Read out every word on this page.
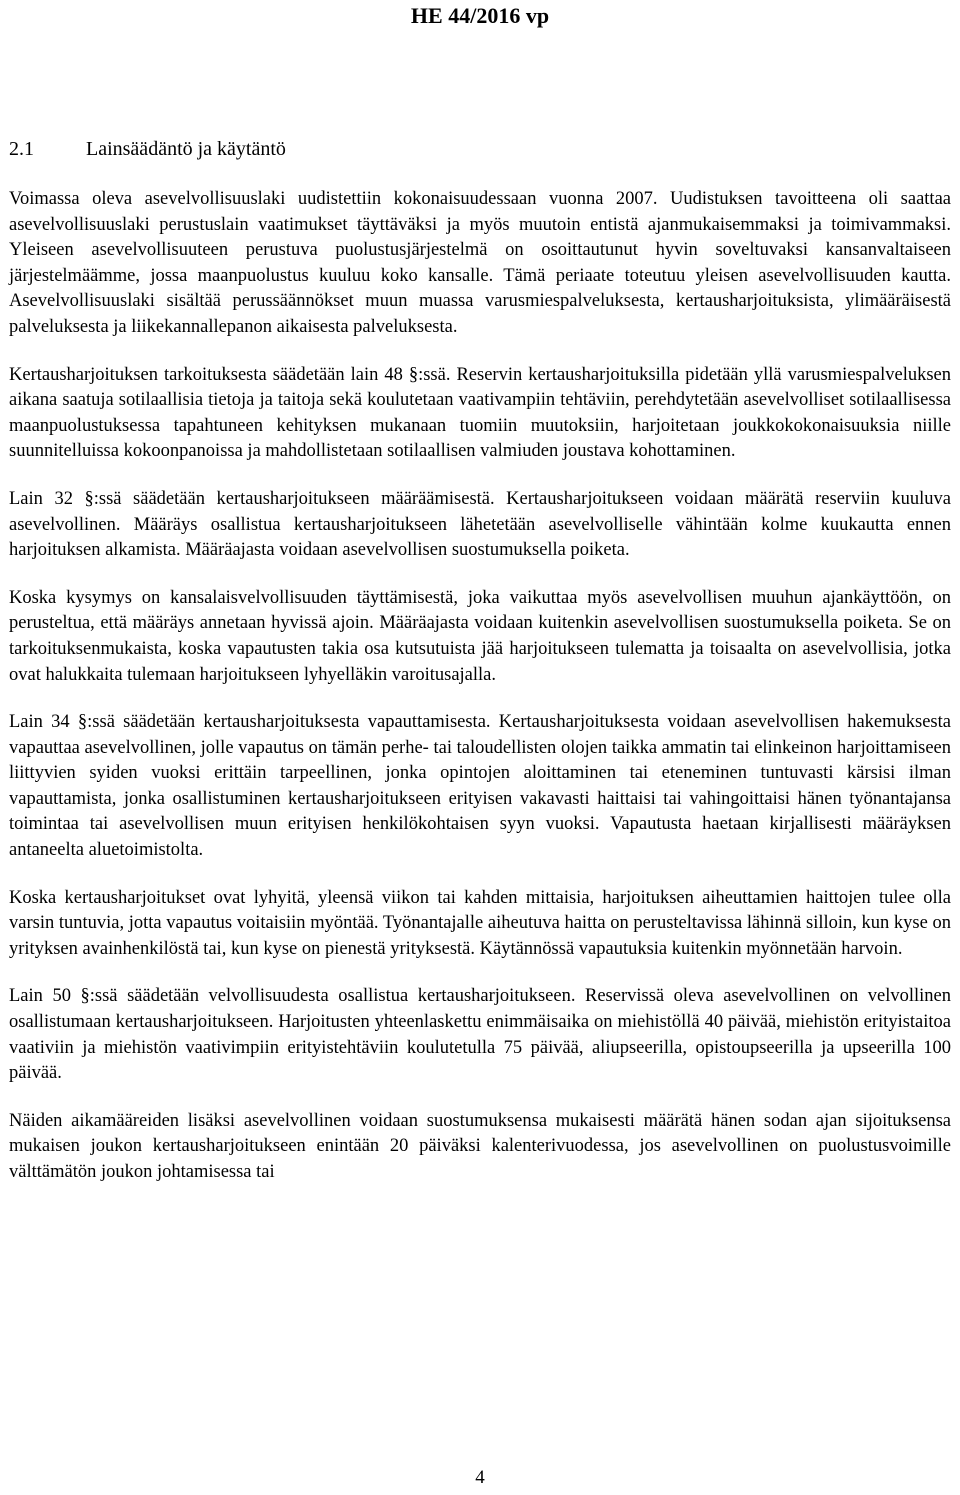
HE 44/2016 vp
2.1	Lainsäädäntö ja käytäntö

Voimassa oleva asevelvollisuuslaki uudistettiin kokonaisuudessaan vuonna 2007. Uudistuksen tavoitteena oli saattaa asevelvollisuuslaki perustuslain vaatimukset täyttäväksi ja myös muutoin entistä ajanmukaisemmaksi ja toimivammaksi. Yleiseen asevelvollisuuteen perustuva puolustusjärjestelmä on osoittautunut hyvin soveltuvaksi kansanvaltaiseen järjestelmäämme, jossa maanpuolustus kuuluu koko kansalle. Tämä periaate toteutuu yleisen asevelvollisuuden kautta. Asevelvollisuuslaki sisältää perussäännökset muun muassa varusmiespalveluksesta, kertausharjoituksista, ylimääräisestä palveluksesta ja liikekannallepanon aikaisesta palveluksesta.

Kertausharjoituksen tarkoituksesta säädetään lain 48 §:ssä. Reservin kertausharjoituksilla pidetään yllä varusmiespalveluksen aikana saatuja sotilaallisia tietoja ja taitoja sekä koulutetaan vaativampiin tehtäviin, perehdytetään asevelvolliset sotilaallisessa maanpuolustuksessa tapahtuneen kehityksen mukanaan tuomiin muutoksiin, harjoitetaan joukkokokonaisuuksia niille suunnitelluissa kokoonpanoissa ja mahdollistetaan sotilaallisen valmiuden joustava kohottaminen.

Lain 32 §:ssä säädetään kertausharjoitukseen määräämisestä. Kertausharjoitukseen voidaan määrätä reserviin kuuluva asevelvollinen. Määräys osallistua kertausharjoitukseen lähetetään asevelvolliselle vähintään kolme kuukautta ennen harjoituksen alkamista. Määräajasta voidaan asevelvollisen suostumuksella poiketa.

Koska kysymys on kansalaisvelvollisuuden täyttämisestä, joka vaikuttaa myös asevelvollisen muuhun ajankäyttöön, on perusteltua, että määräys annetaan hyvissä ajoin. Määräajasta voidaan kuitenkin asevelvollisen suostumuksella poiketa. Se on tarkoituksenmukaista, koska vapautusten takia osa kutsutuista jää harjoitukseen tulematta ja toisaalta on asevelvollisia, jotka ovat halukkaita tulemaan harjoitukseen lyhyelläkin varoitusajalla.

Lain 34 §:ssä säädetään kertausharjoituksesta vapauttamisesta. Kertausharjoituksesta voidaan asevelvollisen hakemuksesta vapauttaa asevelvollinen, jolle vapautus on tämän perhe- tai taloudellisten olojen taikka ammatin tai elinkeinon harjoittamiseen liittyvien syiden vuoksi erittäin tarpeellinen, jonka opintojen aloittaminen tai eteneminen tuntuvasti kärsisi ilman vapauttamista, jonka osallistuminen kertausharjoitukseen erityisen vakavasti haittaisi tai vahingoittaisi hänen työnantajansa toimintaa tai asevelvollisen muun erityisen henkilökohtaisen syyn vuoksi. Vapautusta haetaan kirjallisesti määräyksen antaneelta aluetoimistolta.

Koska kertausharjoitukset ovat lyhyitä, yleensä viikon tai kahden mittaisia, harjoituksen aiheuttamien haittojen tulee olla varsin tuntuvia, jotta vapautus voitaisiin myöntää. Työnantajalle aiheutuva haitta on perusteltavissa lähinnä silloin, kun kyse on yrityksen avainhenkilöstä tai, kun kyse on pienestä yrityksestä. Käytännössä vapautuksia kuitenkin myönnetään harvoin.

Lain 50 §:ssä säädetään velvollisuudesta osallistua kertausharjoitukseen. Reservissä oleva asevelvollinen on velvollinen osallistumaan kertausharjoitukseen. Harjoitusten yhteenlaskettu enimmäisaika on miehistöllä 40 päivää, miehistön erityistaitoa vaativiin ja miehistön vaativimpiin erityistehtäviin koulutetulla 75 päivää, aliupseerilla, opistoupseerilla ja upseerilla 100 päivää.

Näiden aikamääreiden lisäksi asevelvollinen voidaan suostumuksensa mukaisesti määrätä hänen sodan ajan sijoituksensa mukaisen joukon kertausharjoitukseen enintään 20 päiväksi kalenterivuodessa, jos asevelvollinen on puolustusvoimille välttämätön joukon johtamisessa tai

4
